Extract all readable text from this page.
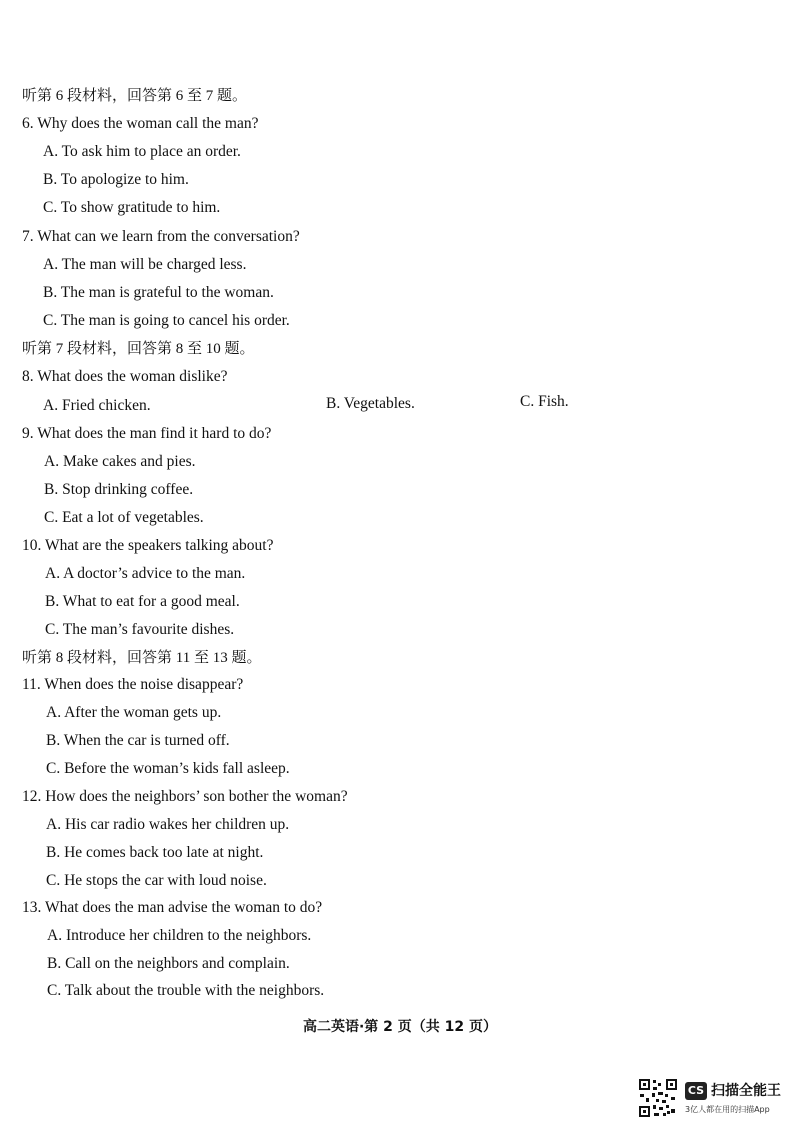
听第 6 段材料，回答第 6 至 7 题。
6. Why does the woman call the man?
A. To ask him to place an order.
B. To apologize to him.
C. To show gratitude to him.
7. What can we learn from the conversation?
A. The man will be charged less.
B. The man is grateful to the woman.
C. The man is going to cancel his order.
听第 7 段材料，回答第 8 至 10 题。
8. What does the woman dislike?
A. Fried chicken.	B. Vegetables.	C. Fish.
9. What does the man find it hard to do?
A. Make cakes and pies.
B. Stop drinking coffee.
C. Eat a lot of vegetables.
10. What are the speakers talking about?
A. A doctor’s advice to the man.
B. What to eat for a good meal.
C. The man’s favourite dishes.
听第 8 段材料，回答第 11 至 13 题。
11. When does the noise disappear?
A. After the woman gets up.
B. When the car is turned off.
C. Before the woman’s kids fall asleep.
12. How does the neighbors’ son bother the woman?
A. His car radio wakes her children up.
B. He comes back too late at night.
C. He stops the car with loud noise.
13. What does the man advise the woman to do?
A. Introduce her children to the neighbors.
B. Call on the neighbors and complain.
C. Talk about the trouble with the neighbors.
高二英语·第 2 页（共 12 页）
CS 扫描全能王
3亿人都在用的扫描App
